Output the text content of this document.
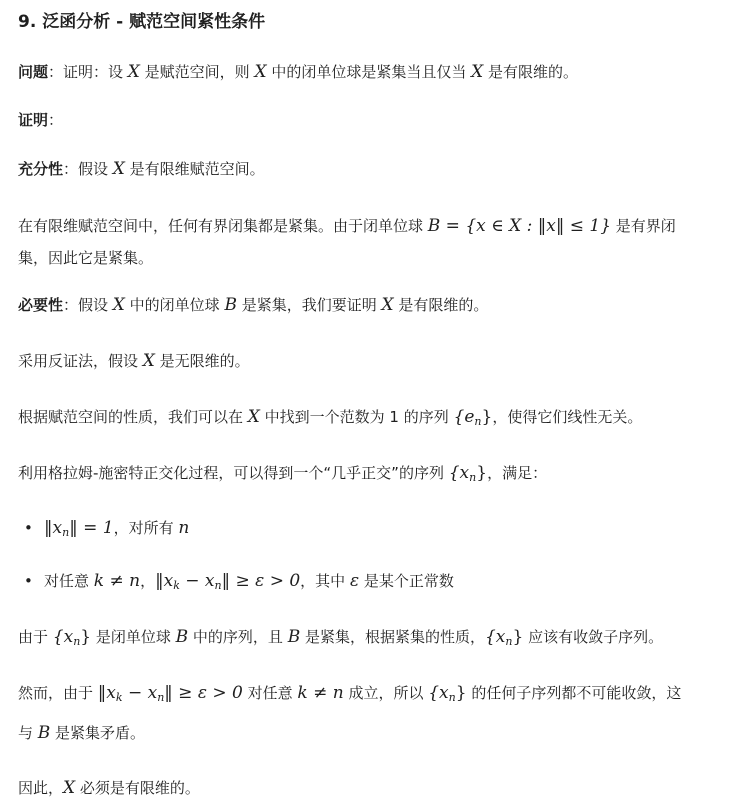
9. 泛函分析 - 赋范空间紧性条件

问题：证明：设 X 是赋范空间，则 X 中的闭单位球是紧集当且仅当 X 是有限维的。

证明：

充分性：假设 X 是有限维赋范空间。

在有限维赋范空间中，任何有界闭集都是紧集。由于闭单位球 B = {x ∈ X : ‖x‖ ≤ 1} 是有界闭

集，因此它是紧集。

必要性：假设 X 中的闭单位球 B 是紧集，我们要证明 X 是有限维的。

采用反证法，假设 X 是无限维的。

根据赋范空间的性质，我们可以在 X 中找到一个范数为 1 的序列 $\{e_n\}$，使得它们线性无关。

利用格拉姆-施密特正交化过程，可以得到一个“几乎正交”的序列 $\{x_n\}$，满足：

• $‖x_n‖ = 1$，对所有 n
• 对任意 k ≠ n，$‖x_k$ − $x_n‖ \ge \varepsilon > 0$，其中 ε 是某个正常数

由于 $\{x_n\}$ 是闭单位球 B 中的序列，且 B 是紧集，根据紧集的性质，$\{x_n\}$ 应该有收敛子序列。

然而，由于 $‖x_k$ − $x_n‖ \ge \varepsilon > 0$ 对任意 k ≠ n 成立，所以 $\{x_n\}$ 的任何子序列都不可能收敛，这

与 B 是紧集矛盾。

因此，X 必须是有限维的。
